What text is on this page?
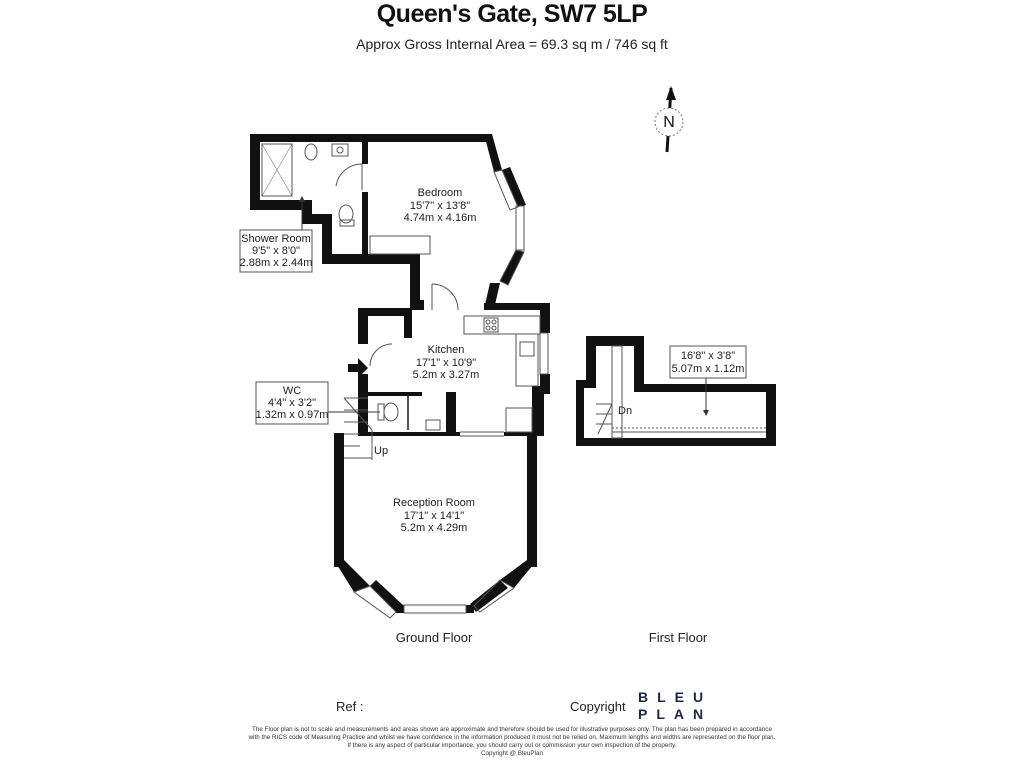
Queen's Gate, SW7 5LP
Approx Gross Internal Area = 69.3 sq m / 746 sq ft
N
Bedroom
15'7" x 13'8"
4.74m x 4.16m
Kitchen
17'1" x 10'9"
5.2m x 3.27m
Reception Room
17'1" x 14'1"
5.2m x 4.29m
Up
Ground Floor
Shower Room
9'5" x 8'0"
2.88m x 2.44m
WC
4'4" x 3'2"
1.32m x 0.97m
16'8" x 3'8"
5.07m x 1.12m
Dn
First Floor
Ref :	Copyright
BLEU
PLAN
The Floor plan is not to scale and measurements and areas shown are approximate and therefore should be used for illustrative purposes only. The plan has been prepared in accordance
with the RICS code of Measuring Practice and whilst we have confidence in the information produced it must not be relied on. Maximum lengths and widths are represented on the floor plan.
If there is any aspect of particular importance, you should carry out or commission your own inspection of the property.
Copyright @ BleuPlan
